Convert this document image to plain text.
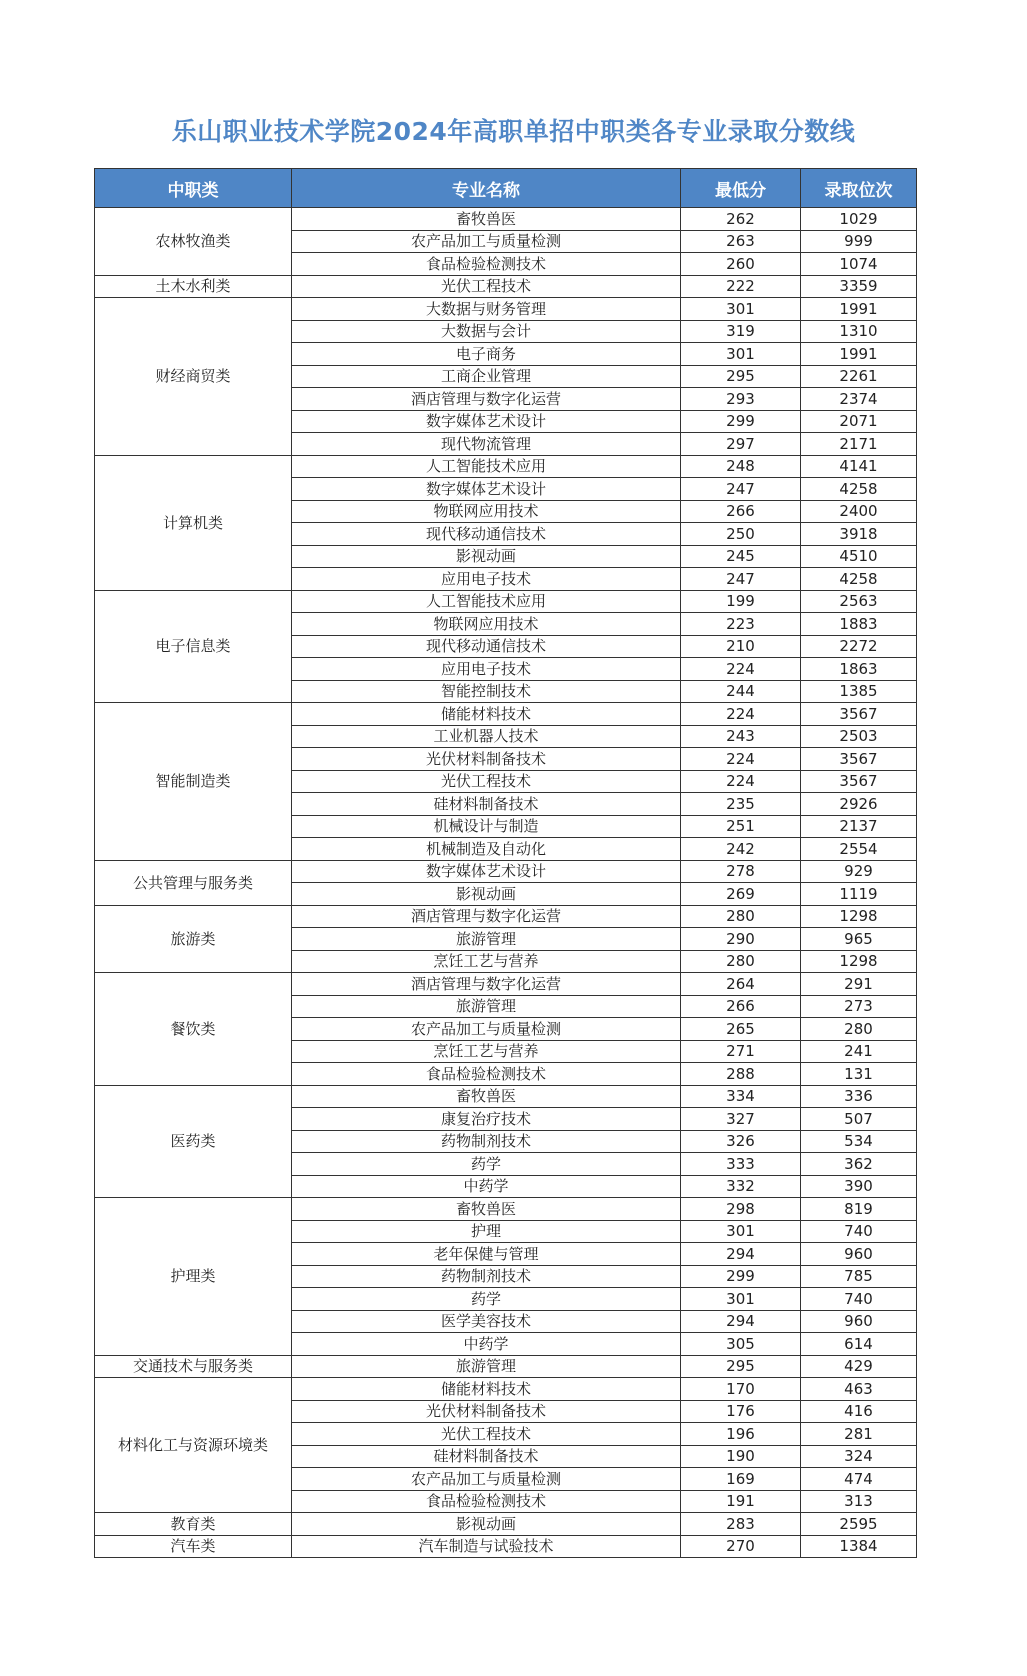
乐山职业技术学院2024年高职单招中职类各专业录取分数线
中职类	专业名称	最低分	录取位次
农林牧渔类	畜牧兽医	262	1029
	农产品加工与质量检测	263	999
	食品检验检测技术	260	1074
土木水利类	光伏工程技术	222	3359
财经商贸类	大数据与财务管理	301	1991
	大数据与会计	319	1310
	电子商务	301	1991
	工商企业管理	295	2261
	酒店管理与数字化运营	293	2374
	数字媒体艺术设计	299	2071
	现代物流管理	297	2171
计算机类	人工智能技术应用	248	4141
	数字媒体艺术设计	247	4258
	物联网应用技术	266	2400
	现代移动通信技术	250	3918
	影视动画	245	4510
	应用电子技术	247	4258
电子信息类	人工智能技术应用	199	2563
	物联网应用技术	223	1883
	现代移动通信技术	210	2272
	应用电子技术	224	1863
	智能控制技术	244	1385
智能制造类	储能材料技术	224	3567
	工业机器人技术	243	2503
	光伏材料制备技术	224	3567
	光伏工程技术	224	3567
	硅材料制备技术	235	2926
	机械设计与制造	251	2137
	机械制造及自动化	242	2554
公共管理与服务类	数字媒体艺术设计	278	929
	影视动画	269	1119
旅游类	酒店管理与数字化运营	280	1298
	旅游管理	290	965
	烹饪工艺与营养	280	1298
餐饮类	酒店管理与数字化运营	264	291
	旅游管理	266	273
	农产品加工与质量检测	265	280
	烹饪工艺与营养	271	241
	食品检验检测技术	288	131
医药类	畜牧兽医	334	336
	康复治疗技术	327	507
	药物制剂技术	326	534
	药学	333	362
	中药学	332	390
护理类	畜牧兽医	298	819
	护理	301	740
	老年保健与管理	294	960
	药物制剂技术	299	785
	药学	301	740
	医学美容技术	294	960
	中药学	305	614
交通技术与服务类	旅游管理	295	429
材料化工与资源环境类	储能材料技术	170	463
	光伏材料制备技术	176	416
	光伏工程技术	196	281
	硅材料制备技术	190	324
	农产品加工与质量检测	169	474
	食品检验检测技术	191	313
教育类	影视动画	283	2595
汽车类	汽车制造与试验技术	270	1384
